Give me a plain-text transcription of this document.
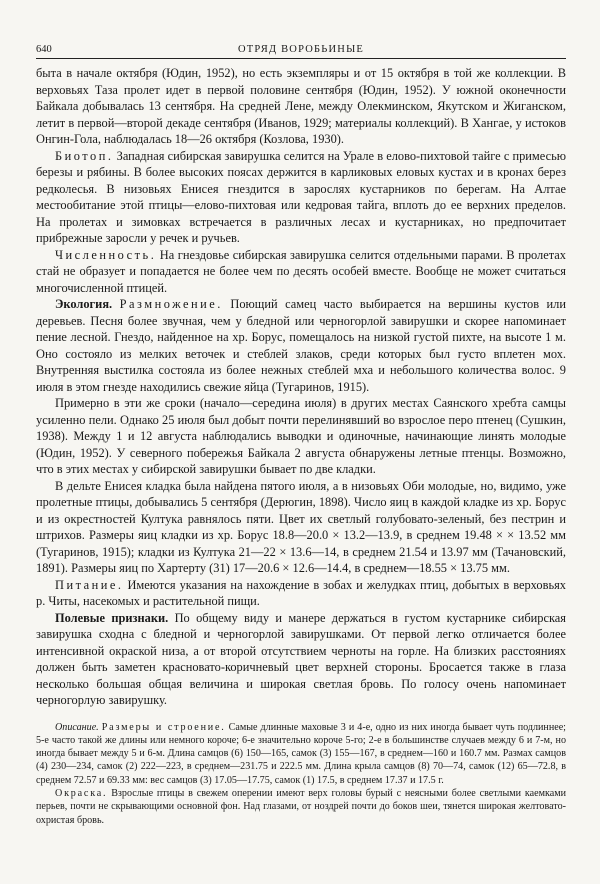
640	ОТРЯД ВОРОБЬИНЫЕ

быта в начале октября (Юдин, 1952), но есть экземпляры и от 15 октября в той же коллекции. В верховьях Таза пролет идет в первой половине сентября (Юдин, 1952). У южной оконечности Байкала добывалась 13 сентября. На средней Лене, между Олекминском, Якутском и Жиганском, летит в первой—второй декаде сентября (Иванов, 1929; материалы коллекций). В Хангае, у истоков Онгин-Гола, наблюдалась 18—26 октября (Козлова, 1930).

Биотоп. Западная сибирская завирушка селится на Урале в елово-пихтовой тайге с примесью березы и рябины. В более высоких поясах держится в карликовых еловых кустах и в кронах берез редколесья. В низовьях Енисея гнездится в зарослях кустарников по берегам. На Алтае местообитание этой птицы—елово-пихтовая или кедровая тайга, вплоть до ее верхних пределов. На пролетах и зимовках встречается в различных лесах и кустарниках, но предпочитает прибрежные заросли у речек и ручьев.

Численность. На гнездовье сибирская завирушка селится отдельными парами. В пролетах стай не образует и попадается не более чем по десять особей вместе. Вообще не может считаться многочисленной птицей.

Экология. Размножение. Поющий самец часто выбирается на вершины кустов или деревьев. Песня более звучная, чем у бледной или черногорлой завирушки и скорее напоминает пение лесной. Гнездо, найденное на хр. Борус, помещалось на низкой густой пихте, на высоте 1 м. Оно состояло из мелких веточек и стеблей злаков, среди которых был густо вплетен мох. Внутренняя выстилка состояла из более нежных стеблей мха и небольшого количества волос. 9 июля в этом гнезде находились свежие яйца (Тугаринов, 1915).

Примерно в эти же сроки (начало—середина июля) в других местах Саянского хребта самцы усиленно пели. Однако 25 июля был добыт почти перелинявший во взрослое перо птенец (Сушкин, 1938). Между 1 и 12 августа наблюдались выводки и одиночные, начинающие линять молодые (Юдин, 1952). У северного побережья Байкала 2 августа обнаружены летные птенцы. Возможно, что в этих местах у сибирской завирушки бывает по две кладки.

В дельте Енисея кладка была найдена пятого июля, а в низовьях Оби молодые, но, видимо, уже пролетные птицы, добывались 5 сентября (Дерюгин, 1898). Число яиц в каждой кладке из хр. Борус и из окрестностей Култука равнялось пяти. Цвет их светлый голубовато-зеленый, без пестрин и штрихов. Размеры яиц кладки из хр. Борус 18.8—20.0 × 13.2—13.9, в среднем 19.48 × × 13.52 мм (Тугаринов, 1915); кладки из Култука 21—22 × 13.6—14, в среднем 21.54 и 13.97 мм (Тачановский, 1891). Размеры яиц по Хартерту (31) 17—20.6 × 12.6—14.4, в среднем—18.55 × 13.75 мм.

Питание. Имеются указания на нахождение в зобах и желудках птиц, добытых в верховьях р. Читы, насекомых и растительной пищи.

Полевые признаки. По общему виду и манере держаться в густом кустарнике сибирская завирушка сходна с бледной и черногорлой завирушками. От первой легко отличается более интенсивной окраской низа, а от второй отсутствием черноты на горле. На близких расстояниях должен быть заметен красновато-коричневый цвет верхней стороны. Бросается также в глаза несколько большая общая величина и широкая светлая бровь. По голосу очень напоминает черногорлую завирушку.

Описание. Размеры и строение. Самые длинные маховые 3 и 4-е, одно из них иногда бывает чуть подлиннее; 5-е часто такой же длины или немного короче; 6-е значительно короче 5-го; 2-е в большинстве случаев между 6 и 7-м, но иногда бывает между 5 и 6-м. Длина самцов (6) 150—165, самок (3) 155—167, в среднем—160 и 160.7 мм. Размах самцов (4) 230—234, самок (2) 222—223, в среднем—231.75 и 222.5 мм. Длина крыла самцов (8) 70—74, самок (12) 65—72.8, в среднем 72.57 и 69.33 мм: вес самцов (3) 17.05—17.75, самок (1) 17.5, в среднем 17.37 и 17.5 г.

Окраска. Взрослые птицы в свежем оперении имеют верх головы бурый с неясными более светлыми каемками перьев, почти не скрывающими основной фон. Над глазами, от ноздрей почти до боков шеи, тянется широкая желтовато-охристая бровь.
